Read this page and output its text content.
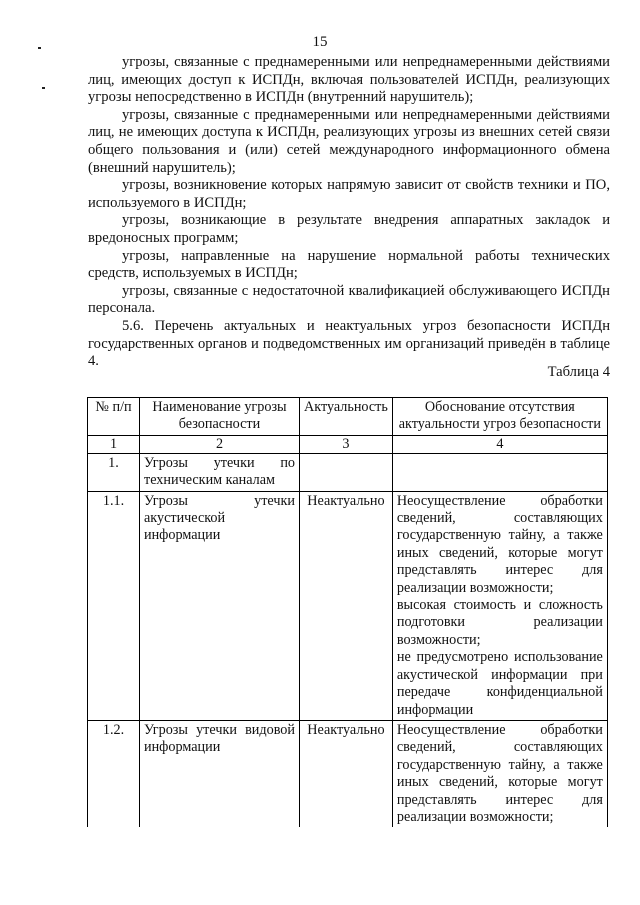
15

угрозы, связанные с преднамеренными или непреднамеренными действиями лиц, имеющих доступ к ИСПДн, включая пользователей ИСПДн, реализующих угрозы непосредственно в ИСПДн (внутренний нарушитель);

угрозы, связанные с преднамеренными или непреднамеренными действиями лиц, не имеющих доступа к ИСПДн, реализующих угрозы из внешних сетей связи общего пользования и (или) сетей международного информационного обмена (внешний нарушитель);

угрозы, возникновение которых напрямую зависит от свойств техники и ПО, используемого в ИСПДн;

угрозы, возникающие в результате внедрения аппаратных закладок и вредоносных программ;

угрозы, направленные на нарушение нормальной работы технических средств, используемых в ИСПДн;

угрозы, связанные с недостаточной квалификацией обслуживающего ИСПДн персонала.

5.6. Перечень актуальных и неактуальных угроз безопасности ИСПДн государственных органов и подведомственных им организаций приведён в таблице 4.

Таблица 4
№ п/п	Наименование угрозы безопасности	Актуальность	Обоснование отсутствия актуальности угроз безопасности
1	2	3	4
1.	Угрозы утечки по техническим каналам		
1.1.	Угрозы утечки акустической информации	Неактуально	Неосуществление обработки сведений, составляющих государственную тайну, а также иных сведений, которые могут представлять интерес для реализации возможности;
высокая стоимость и сложность подготовки реализации возможности;
не предусмотрено использование акустической информации при передаче конфиденциальной информации

1.2.	Угрозы утечки видовой информации	Неактуально	Неосуществление обработки сведений, составляющих государственную тайну, а также иных сведений, которые могут представлять интерес для реализации возможности;
